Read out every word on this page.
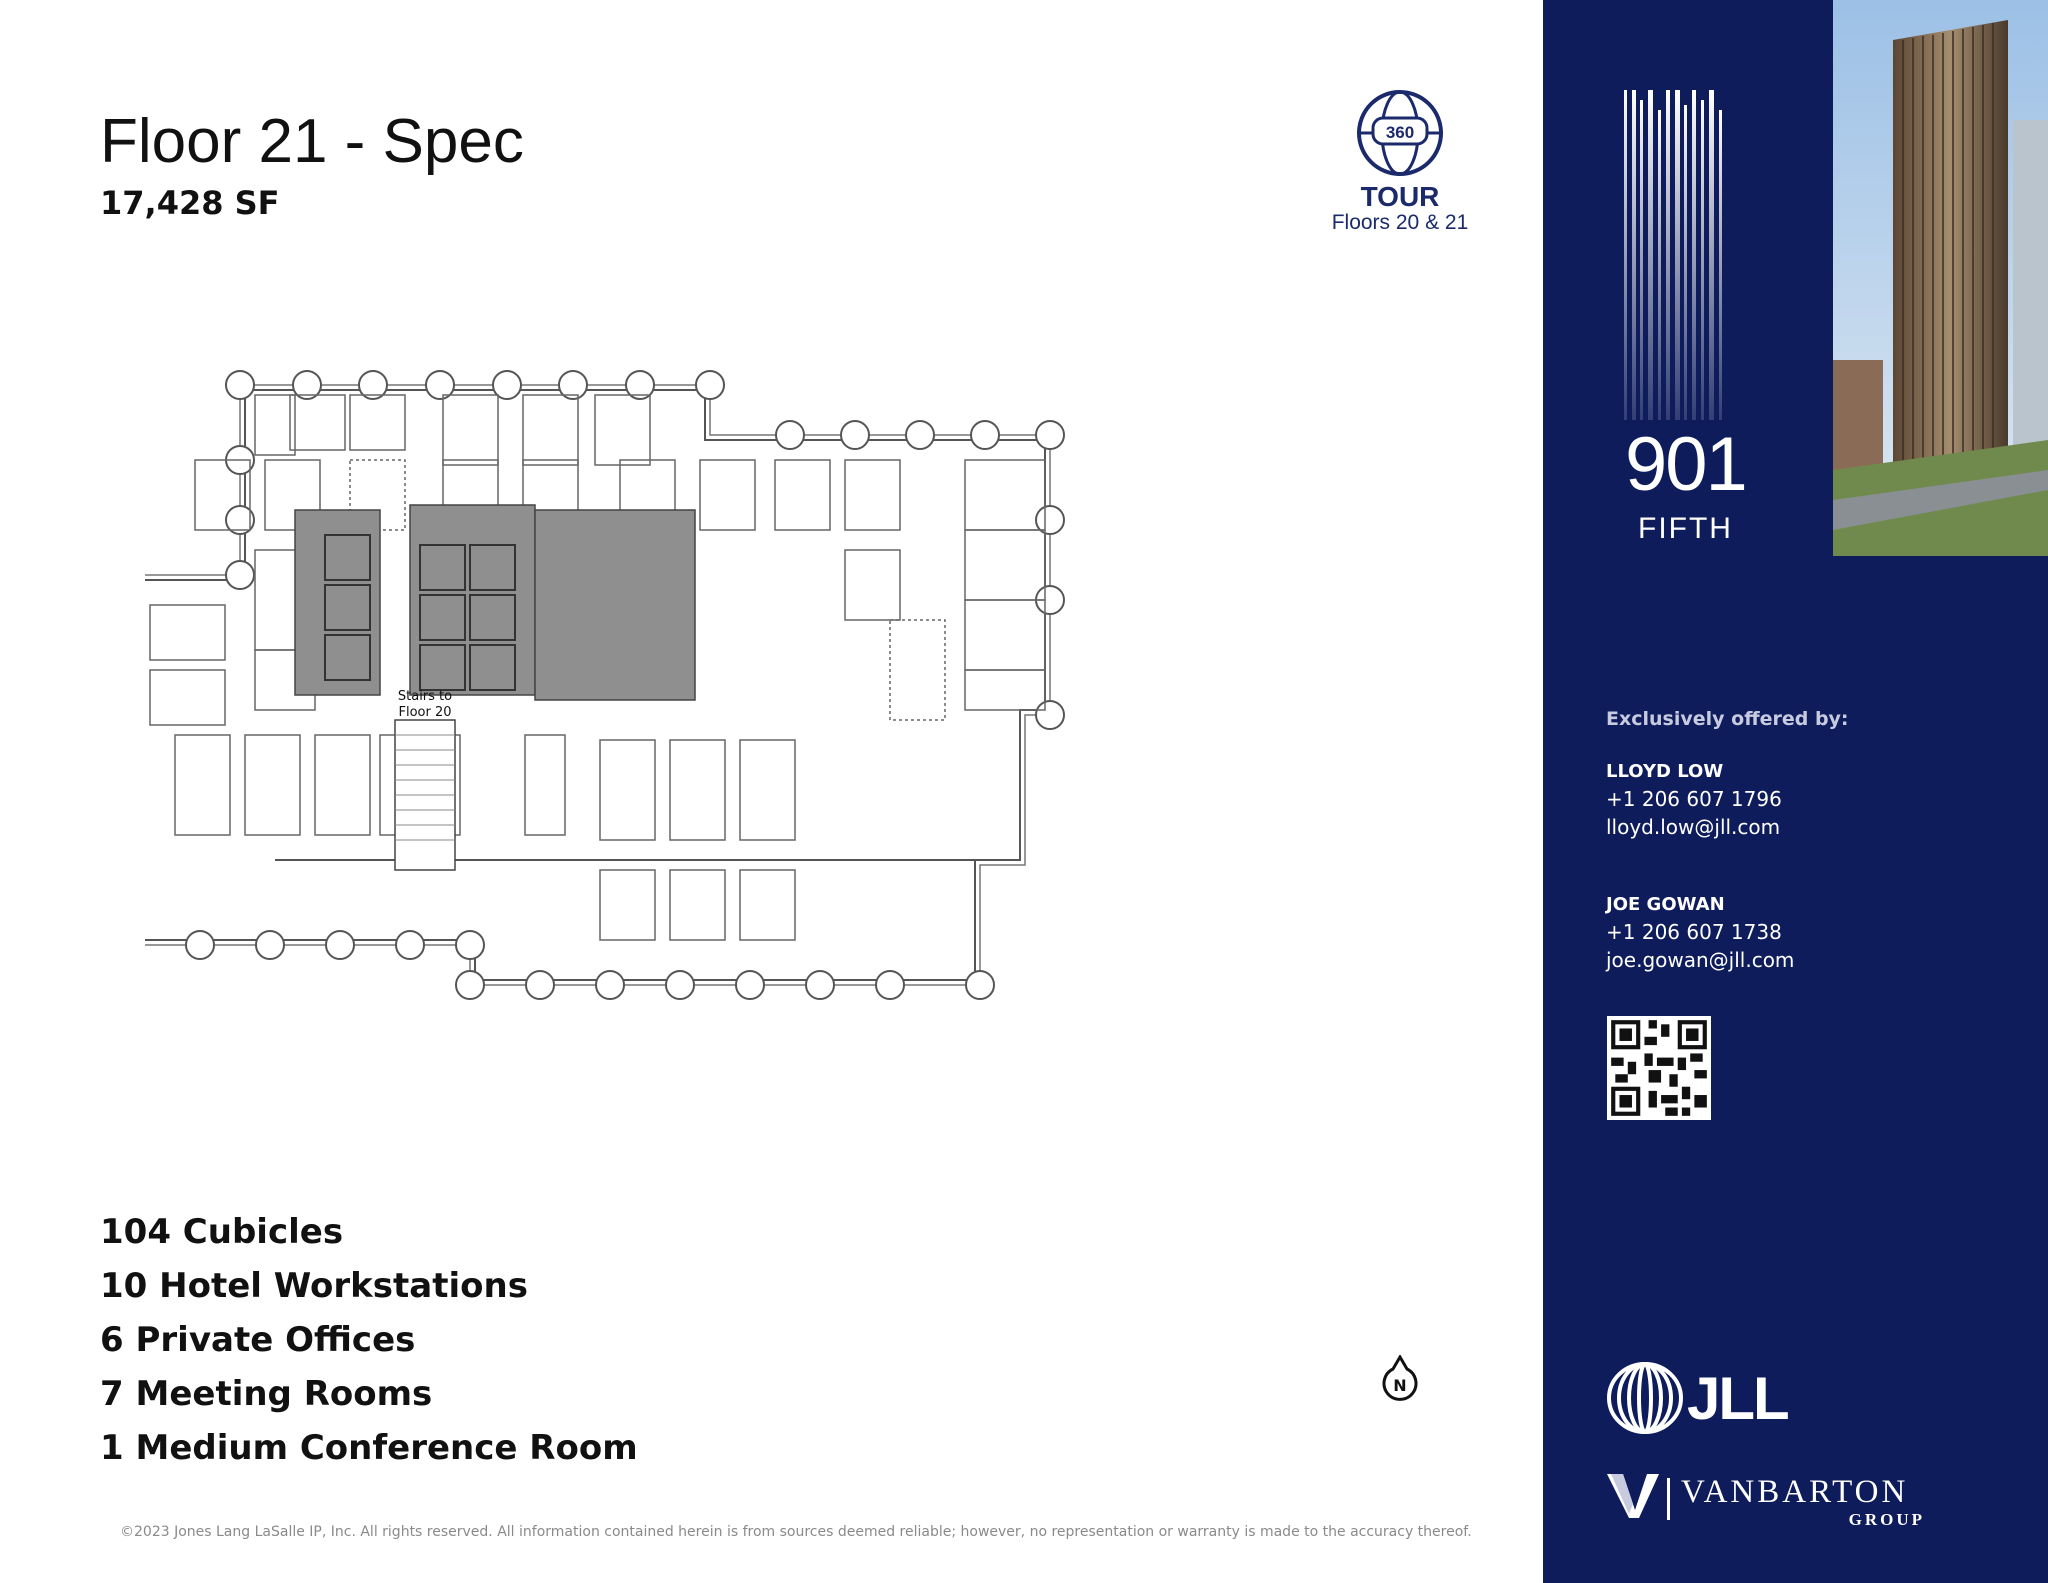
Floor 21 - Spec
17,428 SF
360
TOUR
Floors 20 & 21
Stairs to
Floor 20
104 Cubicles
10 Hotel Workstations
6 Private Offices
7 Meeting Rooms
1 Medium Conference Room
N
©2023 Jones Lang LaSalle IP, Inc. All rights reserved. All information contained herein is from sources deemed reliable; however, no representation or warranty is made to the accuracy thereof.
901
FIFTH
Exclusively offered by:
LLOYD LOW
+1 206 607 1796
lloyd.low@jll.com
JOE GOWAN
+1 206 607 1738
joe.gowan@jll.com
JLL
VANBARTON
GROUP
